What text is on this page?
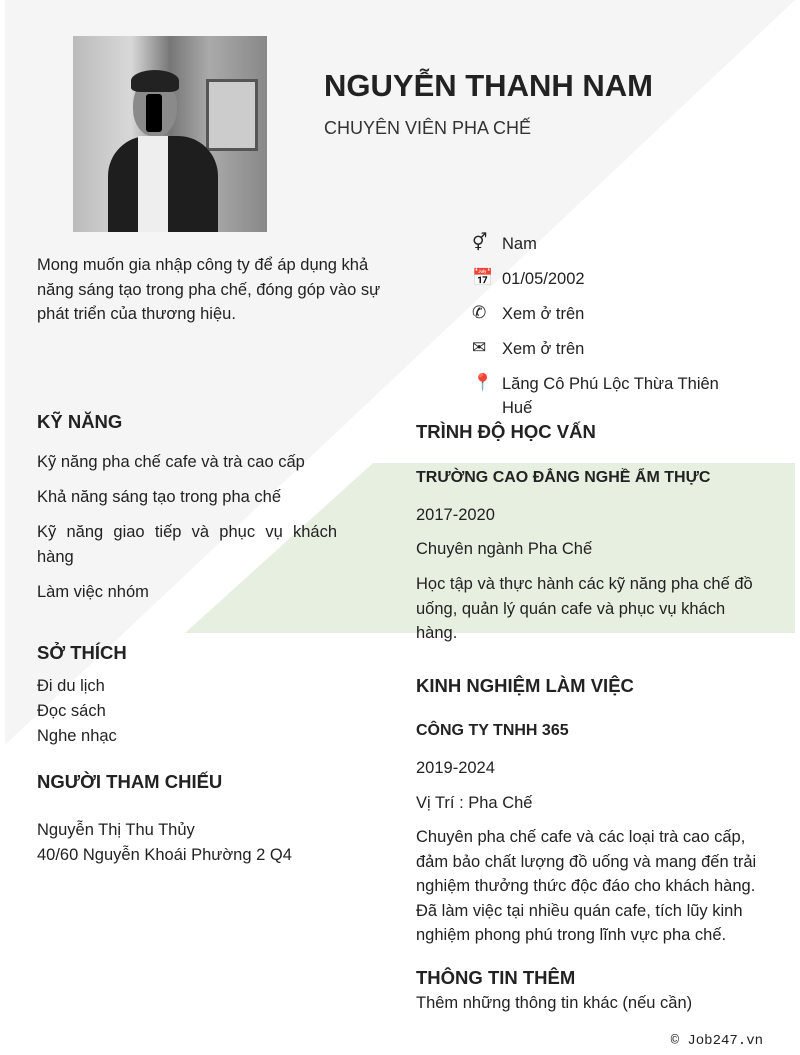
NGUYỄN THANH NAM
CHUYÊN VIÊN PHA CHẾ
Mong muốn gia nhập công ty để áp dụng khả năng sáng tạo trong pha chế, đóng góp vào sự phát triển của thương hiệu.
⚥ Nam
📅 01/05/2002
✆ Xem ở trên
✉ Xem ở trên
📍 Lăng Cô Phú Lộc Thừa Thiên Huế
KỸ NĂNG
Kỹ năng pha chế cafe và trà cao cấp
Khả năng sáng tạo trong pha chế
Kỹ năng giao tiếp và phục vụ khách hàng
Làm việc nhóm
SỞ THÍCH
Đi du lịch
Đọc sách
Nghe nhạc
NGƯỜI THAM CHIẾU
Nguyễn Thị Thu Thủy
40/60 Nguyễn Khoái Phường 2 Q4
TRÌNH ĐỘ HỌC VẤN
TRƯỜNG CAO ĐẲNG NGHỀ ẨM THỰC
2017-2020
Chuyên ngành Pha Chế
Học tập và thực hành các kỹ năng pha chế đồ uống, quản lý quán cafe và phục vụ khách hàng.
KINH NGHIỆM LÀM VIỆC
CÔNG TY TNHH 365
2019-2024
Vị Trí : Pha Chế
Chuyên pha chế cafe và các loại trà cao cấp, đảm bảo chất lượng đồ uống và mang đến trải nghiệm thưởng thức độc đáo cho khách hàng. Đã làm việc tại nhiều quán cafe, tích lũy kinh nghiệm phong phú trong lĩnh vực pha chế.
THÔNG TIN THÊM
Thêm những thông tin khác (nếu cần)
© Job247.vn
